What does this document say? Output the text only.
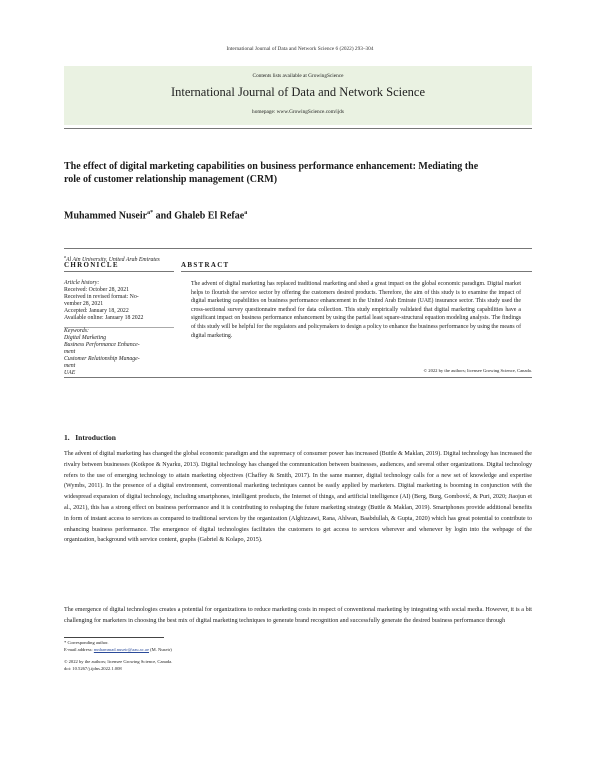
International Journal of Data and Network Science 6 (2022) 293–304
Contents lists available at GrowingScience
International Journal of Data and Network Science
homepage: www.GrowingScience.com/ijds
The effect of digital marketing capabilities on business performance enhancement: Mediating the
role of customer relationship management (CRM)
Muhammed Nuseir$^{a*}$ and Ghaleb El Refae$^a$
$^a$Al Ain University, United Arab Emirates
CHRONICLE	ABSTRACT
Article history:
Received: October 28, 2021
Received in revised format: No-
vember 28, 2021
Accepted: January 18, 2022
Available online: January 18 2022
Keywords:
Digital Marketing
Business Performance Enhance-
ment
Customer Relationship Manage-
ment
UAE
The advent of digital marketing has replaced traditional marketing and shed a great impact on the global economic paradigm. Digital market helps to flourish the service sector by offering the customers desired products. Therefore, the aim of this study is to examine the impact of digital marketing capabilities on business performance enhancement in the United Arab Emirate (UAE) insurance sector. This study used the cross-sectional survey questionnaire method for data collection. This study empirically validated that digital marketing capabilities have a significant impact on business performance enhancement by using the partial least square-structural equation modeling analysis. The findings of this study will be helpful for the regulators and policymakers to design a policy to enhance the business performance by using the means of digital marketing.
© 2022 by the authors; licensee Growing Science, Canada.
1.   Introduction
The advent of digital marketing has changed the global economic paradigm and the supremacy of consumer power has increased (Buttle & Maklan, 2019). Digital technology has increased the rivalry between businesses (Kotkpoe & Nyarku, 2013). Digital technology has changed the communication between businesses, audiences, and several other organizations. Digital technology refers to the use of emerging technology to attain marketing objectives (Chaffey & Smith, 2017). In the same manner, digital technology calls for a new set of knowledge and expertise (Wymbs, 2011). In the presence of a digital environment, conventional marketing techniques cannot be easily applied by marketers. Digital marketing is booming in conjunction with the widespread expansion of digital technology, including smartphones, intelligent products, the Internet of things, and artificial intelligence (AI) (Berg, Burg, Gombović, & Puri, 2020; Jiaojun et al., 2021), this has a strong effect on business performance and it is contributing to reshaping the future marketing strategy (Buttle & Maklan, 2019). Smartphones provide additional benefits in form of instant access to services as compared to traditional services by the organization (Alghizzawi, Rana, Ahlwan, Baabdullah, & Gupta, 2020) which has great potential to contribute to enhancing business performance. The emergence of digital technologies facilitates the customers to get access to services wherever and whenever by login into the webpage of the organization, background with service content, graphs (Gabriel & Kolapo, 2015).
The emergence of digital technologies creates a potential for organizations to reduce marketing costs in respect of conventional marketing by integrating with social media. However, it is a bit challenging for marketers in choosing the best mix of digital marketing techniques to generate brand recognition and successfully generate the desired business performance through
* Corresponding author.
E-mail address: mnhammad.nuseir@aau.ac.ae (M. Nuseir)
© 2022 by the authors; licensee Growing Science, Canada.
doi: 10.5267/j.ijdns.2022.1.008
